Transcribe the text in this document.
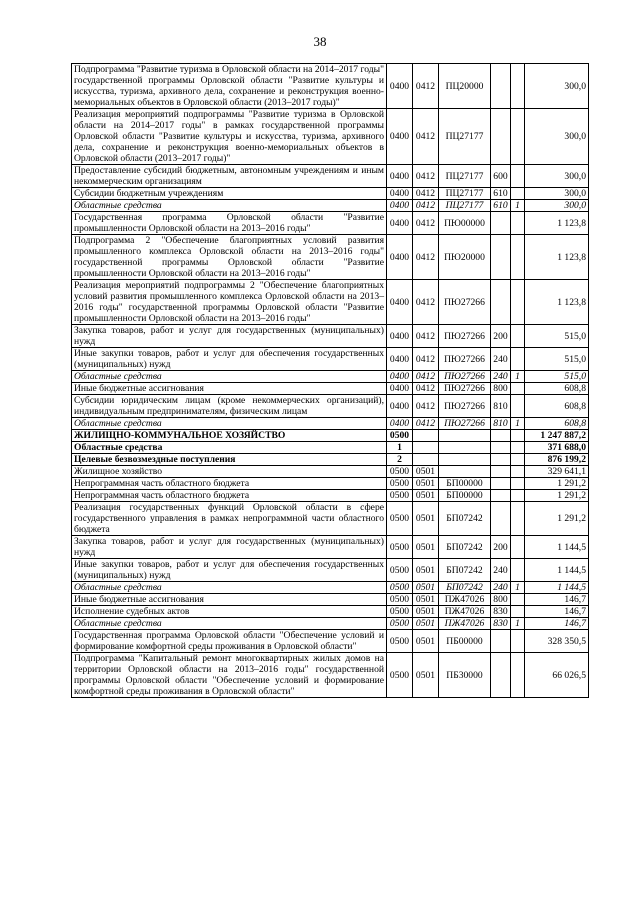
38
Подпрограмма "Развитие туризма в Орловской области на 2014–2017 годы" государственной программы Орловской области "Развитие культуры и искусства, туризма, архивного дела, сохранение и реконструкция военно-мемориальных объектов в Орловской области (2013–2017 годы)"	0400	0412	ПЦ20000			300,0
Реализация мероприятий подпрограммы "Развитие туризма в Орловской области на 2014–2017 годы" в рамках государственной программы Орловской области "Развитие культуры и искусства, туризма, архивного дела, сохранение и реконструкция военно-мемориальных объектов в Орловской области (2013–2017 годы)"	0400	0412	ПЦ27177			300,0
Предоставление субсидий бюджетным, автономным учреждениям и иным некоммерческим организациям	0400	0412	ПЦ27177	600		300,0
Субсидии бюджетным учреждениям	0400	0412	ПЦ27177	610		300,0
Областные средства	0400	0412	ПЦ27177	610	1	300,0
Государственная программа Орловской области "Развитие промышленности Орловской области на 2013–2016 годы"	0400	0412	ПЮ00000			1 123,8
Подпрограмма 2 "Обеспечение благоприятных условий развития промышленного комплекса Орловской области на 2013–2016 годы" государственной программы Орловской области "Развитие промышленности Орловской области на 2013–2016 годы"	0400	0412	ПЮ20000			1 123,8
Реализация мероприятий подпрограммы 2 "Обеспечение благоприятных условий развития промышленного комплекса Орловской области на 2013–2016 годы" государственной программы Орловской области "Развитие промышленности Орловской области на 2013–2016 годы"	0400	0412	ПЮ27266			1 123,8
Закупка товаров, работ и услуг для государственных (муниципальных) нужд	0400	0412	ПЮ27266	200		515,0
Иные закупки товаров, работ и услуг для обеспечения государственных (муниципальных) нужд	0400	0412	ПЮ27266	240		515,0
Областные средства	0400	0412	ПЮ27266	240	1	515,0
Иные бюджетные ассигнования	0400	0412	ПЮ27266	800		608,8
Субсидии юридическим лицам (кроме некоммерческих организаций), индивидуальным предпринимателям, физическим лицам	0400	0412	ПЮ27266	810		608,8
Областные средства	0400	0412	ПЮ27266	810	1	608,8
ЖИЛИЩНО-КОММУНАЛЬНОЕ ХОЗЯЙСТВО	0500					1 247 887,2
Областные средства	1					371 688,0
Целевые безвозмездные поступления	2					876 199,2
Жилищное хозяйство	0500	0501				329 641,1
Непрограммная часть областного бюджета	0500	0501	БП00000			1 291,2
Непрограммная часть областного бюджета	0500	0501	БП00000			1 291,2
Реализация государственных функций Орловской области в сфере государственного управления в рамках непрограммной части областного бюджета	0500	0501	БП07242			1 291,2
Закупка товаров, работ и услуг для государственных (муниципальных) нужд	0500	0501	БП07242	200		1 144,5
Иные закупки товаров, работ и услуг для обеспечения государственных (муниципальных) нужд	0500	0501	БП07242	240		1 144,5
Областные средства	0500	0501	БП07242	240	1	1 144,5
Иные бюджетные ассигнования	0500	0501	ПЖ47026	800		146,7
Исполнение судебных актов	0500	0501	ПЖ47026	830		146,7
Областные средства	0500	0501	ПЖ47026	830	1	146,7
Государственная программа Орловской области "Обеспечение условий и формирование комфортной среды проживания в Орловской области"	0500	0501	ПБ00000			328 350,5
Подпрограмма "Капитальный ремонт многоквартирных жилых домов на территории Орловской области на 2013–2016 годы" государственной программы Орловской области "Обеспечение условий и формирование комфортной среды проживания в Орловской области"	0500	0501	ПБ30000			66 026,5
